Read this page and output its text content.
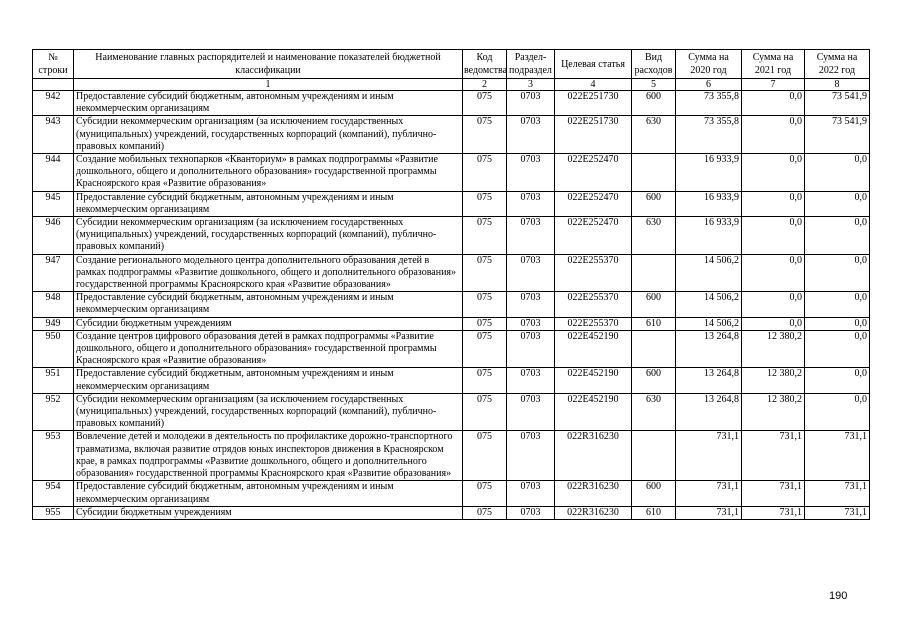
№ строки	Наименование главных распорядителей и наименование показателей бюджетной классификации	Код ведомства	Раздел-подраздел	Целевая статья	Вид расходов	Сумма на 2020 год	Сумма на 2021 год	Сумма на 2022 год
	1	2	3	4	5	6	7	8
942	Предоставление субсидий бюджетным, автономным учреждениям и иным некоммерческим организациям	075	0703	022E251730	600	73 355,8	0,0	73 541,9
943	Субсидии некоммерческим организациям (за исключением государственных (муниципальных) учреждений, государственных корпораций (компаний), публично-правовых компаний)	075	0703	022E251730	630	73 355,8	0,0	73 541,9
944	Создание мобильных технопарков «Кванториум» в рамках подпрограммы «Развитие дошкольного, общего и дополнительного образования» государственной программы Красноярского края «Развитие образования»	075	0703	022E252470		16 933,9	0,0	0,0
945	Предоставление субсидий бюджетным, автономным учреждениям и иным некоммерческим организациям	075	0703	022E252470	600	16 933,9	0,0	0,0
946	Субсидии некоммерческим организациям (за исключением государственных (муниципальных) учреждений, государственных корпораций (компаний), публично-правовых компаний)	075	0703	022E252470	630	16 933,9	0,0	0,0
947	Создание регионального модельного центра дополнительного образования детей в рамках подпрограммы «Развитие дошкольного, общего и дополнительного образования» государственной программы Красноярского края «Развитие образования»	075	0703	022E255370		14 506,2	0,0	0,0
948	Предоставление субсидий бюджетным, автономным учреждениям и иным некоммерческим организациям	075	0703	022E255370	600	14 506,2	0,0	0,0
949	Субсидии бюджетным учреждениям	075	0703	022E255370	610	14 506,2	0,0	0,0
950	Создание центров цифрового образования детей в рамках подпрограммы «Развитие дошкольного, общего и дополнительного образования» государственной программы Красноярского края «Развитие образования»	075	0703	022E452190		13 264,8	12 380,2	0,0
951	Предоставление субсидий бюджетным, автономным учреждениям и иным некоммерческим организациям	075	0703	022E452190	600	13 264,8	12 380,2	0,0
952	Субсидии некоммерческим организациям (за исключением государственных (муниципальных) учреждений, государственных корпораций (компаний), публично-правовых компаний)	075	0703	022E452190	630	13 264,8	12 380,2	0,0
953	Вовлечение детей и молодежи в деятельность по профилактике дорожно-транспортного травматизма, включая развитие отрядов юных инспекторов движения в Красноярском крае, в рамках подпрограммы «Развитие дошкольного, общего и дополнительного образования» государственной программы Красноярского края «Развитие образования»	075	0703	022R316230		731,1	731,1	731,1
954	Предоставление субсидий бюджетным, автономным учреждениям и иным некоммерческим организациям	075	0703	022R316230	600	731,1	731,1	731,1
955	Субсидии бюджетным учреждениям	075	0703	022R316230	610	731,1	731,1	731,1
190
